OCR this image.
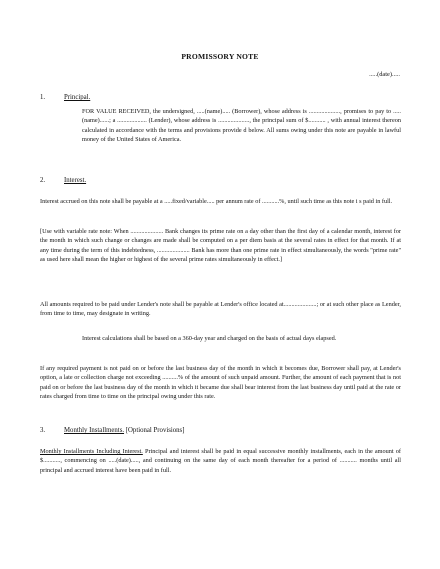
PROMISSORY NOTE
.....(date).....
1.	Principal.
FOR VALUE RECEIVED, the undersigned, .....(name)..... (Borrower), whose address is ...................., promises to pay to .....(name)......; a ................... (Lender), whose address is ...................., the principal sum of $........... , with annual interest thereon calculated in accordance with the terms and provisions provide d below. All sums owing under this note are payable in lawful money of the United States of America.
2.	Interest.
Interest accrued on this note shall be payable at a .....fixed/variable..... per annum rate of ...........%, until such time as this note i s paid in full.
[Use with variable rate note: When ..................... Bank changes its prime rate on a day other than the first day of a calendar month, interest for the month in which such change or changes are made shall be computed on a per diem basis at the several rates in effect for that month. If at any time during the term of this indebtedness, ..................... Bank has more than one prime rate in effect simultaneously, the words "prime rate" as used here shall mean the higher or highest of the several prime rates simultaneously in effect.]
All amounts required to be paid under Lender's note shall be payable at Lender's office located at.....................; or at such other place as Lender, from time to time, may designate in writing.
Interest calculations shall be based on a 360-day year and charged on the basis of actual days elapsed.
If any required payment is not paid on or before the last business day of the month in which it becomes due, Borrower shall pay, at Lender's option, a late or collection charge not exceeding ..........% of the amount of such unpaid amount. Further, the amount of each payment that is not paid on or before the last business day of the month in which it became due shall bear interest from the last business day until paid at the rate or rates charged from time to time on the principal owing under this rate.
3.	Monthly Installments. [Optional Provisions]
Monthly Installments Including Interest. Principal and interest shall be paid in equal successive monthly installments, each in the amount of $..........., commencing on .....(date)....., and continuing on the same day of each month thereafter for a period of ........... months until all principal and accrued interest have been paid in full.
